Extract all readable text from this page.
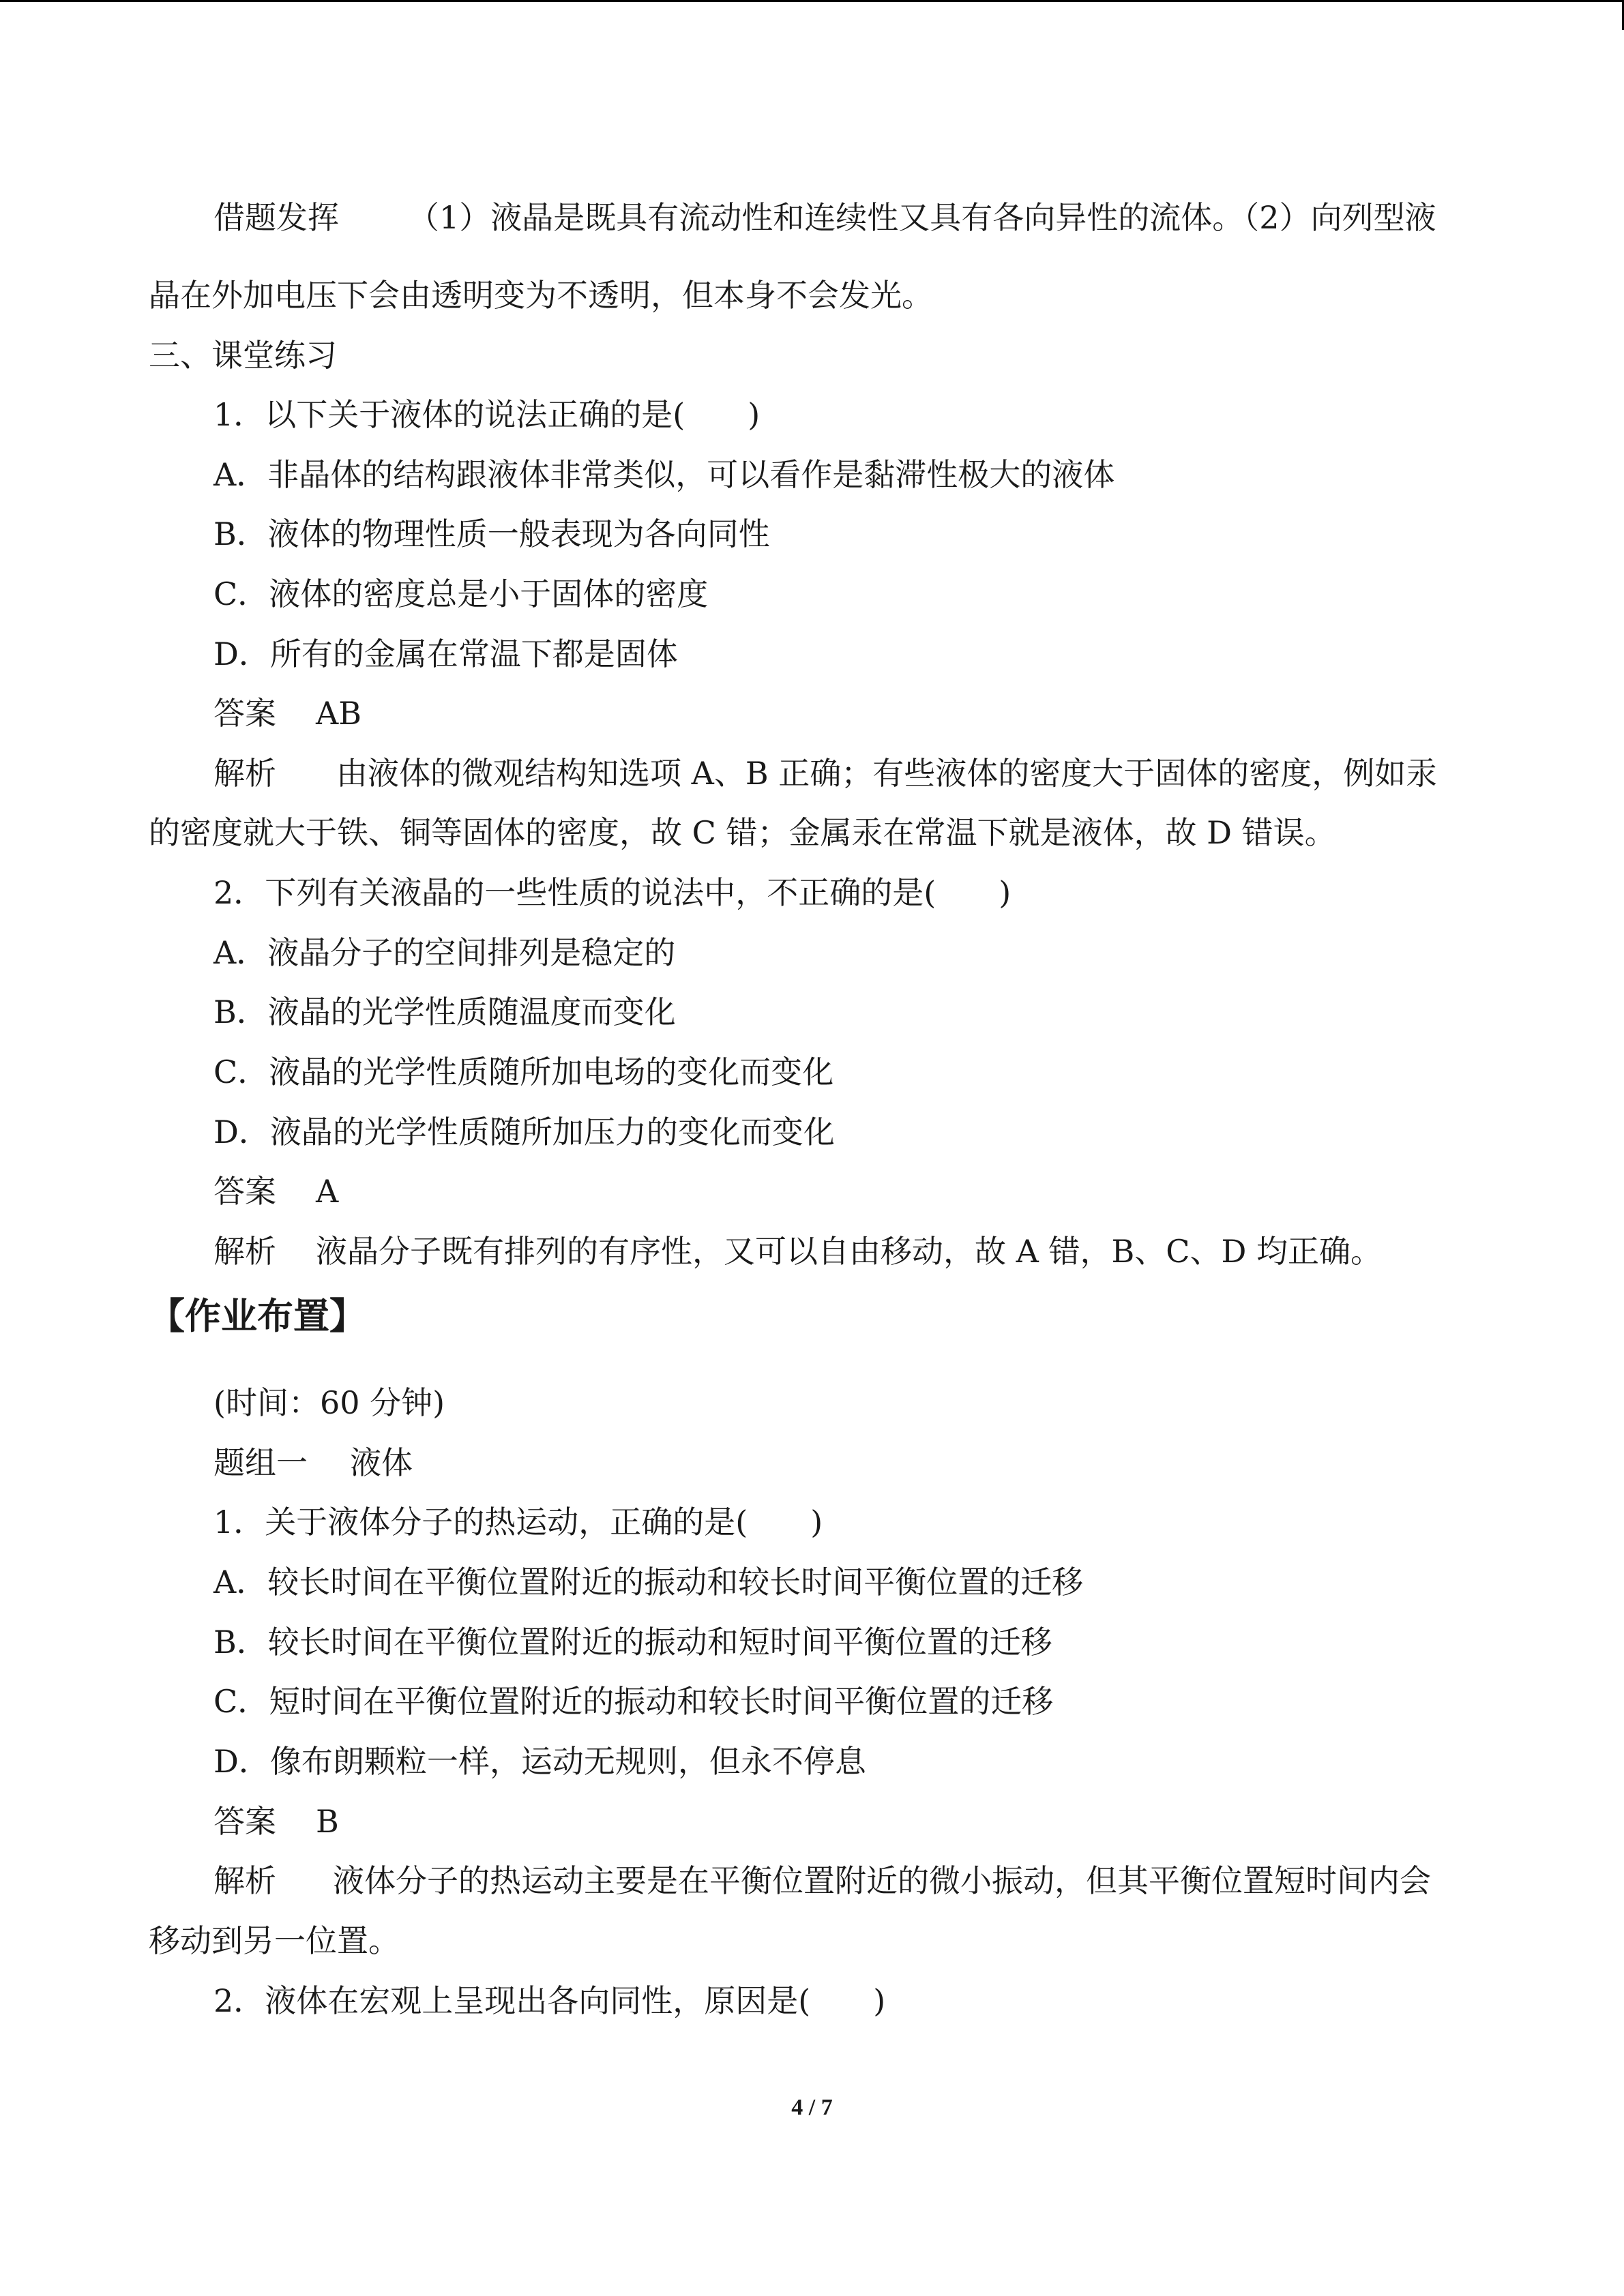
借题发挥 （1）液晶是既具有流动性和连续性又具有各向异性的流体。（2）向列型液
晶在外加电压下会由透明变为不透明，但本身不会发光。
三、课堂练习
1．以下关于液体的说法正确的是(　　)
A．非晶体的结构跟液体非常类似，可以看作是黏滞性极大的液体
B．液体的物理性质一般表现为各向同性
C．液体的密度总是小于固体的密度
D．所有的金属在常温下都是固体
答案 AB
解析 由液体的微观结构知选项 A、B 正确；有些液体的密度大于固体的密度，例如汞
的密度就大于铁、铜等固体的密度，故 C 错；金属汞在常温下就是液体，故 D 错误。
2．下列有关液晶的一些性质的说法中，不正确的是(　　)
A．液晶分子的空间排列是稳定的
B．液晶的光学性质随温度而变化
C．液晶的光学性质随所加电场的变化而变化
D．液晶的光学性质随所加压力的变化而变化
答案 A
解析 液晶分子既有排列的有序性，又可以自由移动，故 A 错，B、C、D 均正确。
【作业布置】
(时间：60 分钟)
题组一 液体
1．关于液体分子的热运动，正确的是(　　)
A．较长时间在平衡位置附近的振动和较长时间平衡位置的迁移
B．较长时间在平衡位置附近的振动和短时间平衡位置的迁移
C．短时间在平衡位置附近的振动和较长时间平衡位置的迁移
D．像布朗颗粒一样，运动无规则，但永不停息
答案 B
解析 液体分子的热运动主要是在平衡位置附近的微小振动，但其平衡位置短时间内会
移动到另一位置。
2．液体在宏观上呈现出各向同性，原因是(　　)
4 / 7
